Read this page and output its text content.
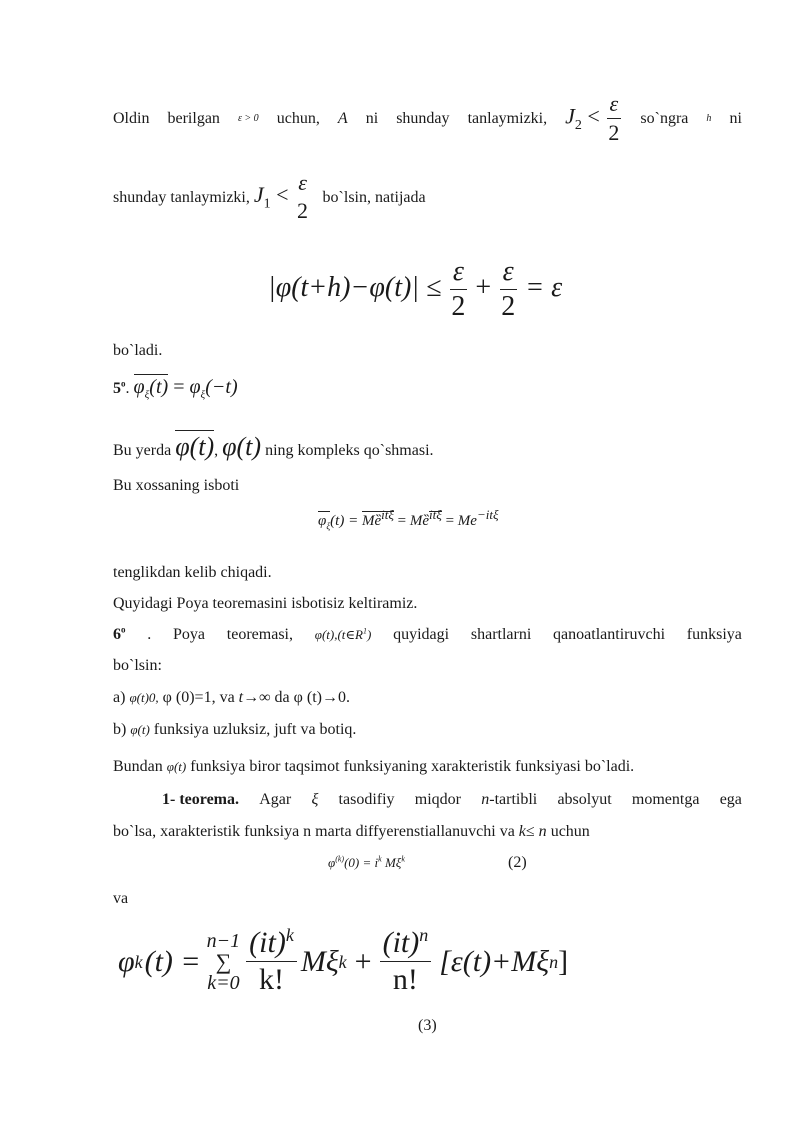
Oldin berilgan ε > 0 uchun, A ni shunday tanlaymizki, $J_2 < \frac{\varepsilon}{2}$ so`ngra h ni
shunday tanlaymizki, $J_1 < \varepsilon$
2
bo`lsin, natijada
$|\varphi(t+h)-\varphi(t)| \le \frac{\varepsilon}{2} + \frac{\varepsilon}{2} = \varepsilon$
bo`ladi.
5$^o$. $\varphi_\xi(t) = \varphi_\xi(-t)$
Bu yerda φ(t), φ(t) ning kompleks qo`shmasi.
Bu xossaning isboti
$\varphi_\xi(t)$ = $Mȅ^{it\xi}$ = $Mȅ^{it\xi} = Me^{-it\xi}$
tenglikdan kelib chiqadi.
Quyidagi Poya teoremasini isbotisiz keltiramiz.
6$^o$ . Poya teoremasi, $\varphi(t),(t\in R^1)$ quyidagi shartlarni qanoatlantiruvchi funksiya
bo`lsin:
a) φ(t)0, φ (0)=1, va t→∞ da φ (t)→0.
b) φ(t) funksiya uzluksiz, juft va botiq.
Bundan φ(t) funksiya biror taqsimot funksiyaning xarakteristik funksiyasi bo`ladi.
1- teorema. Agar ξ tasodifiy miqdor n-tartibli absolyut momentga ega
bo`lsa, xarakteristik funksiya n marta diffyerenstiallanuvchi va k≤ n uchun
$\varphi^{(k)}(0) = i^k$ $M\xi^k$	(2)
va
φ k (t) =
n−1
∑
$k=0 \frac{(it)^k}{k!}$ Mξ $k + \frac{(it)^n}{n!} [\varepsilon(t)+M\xi$ n ]
(3)
